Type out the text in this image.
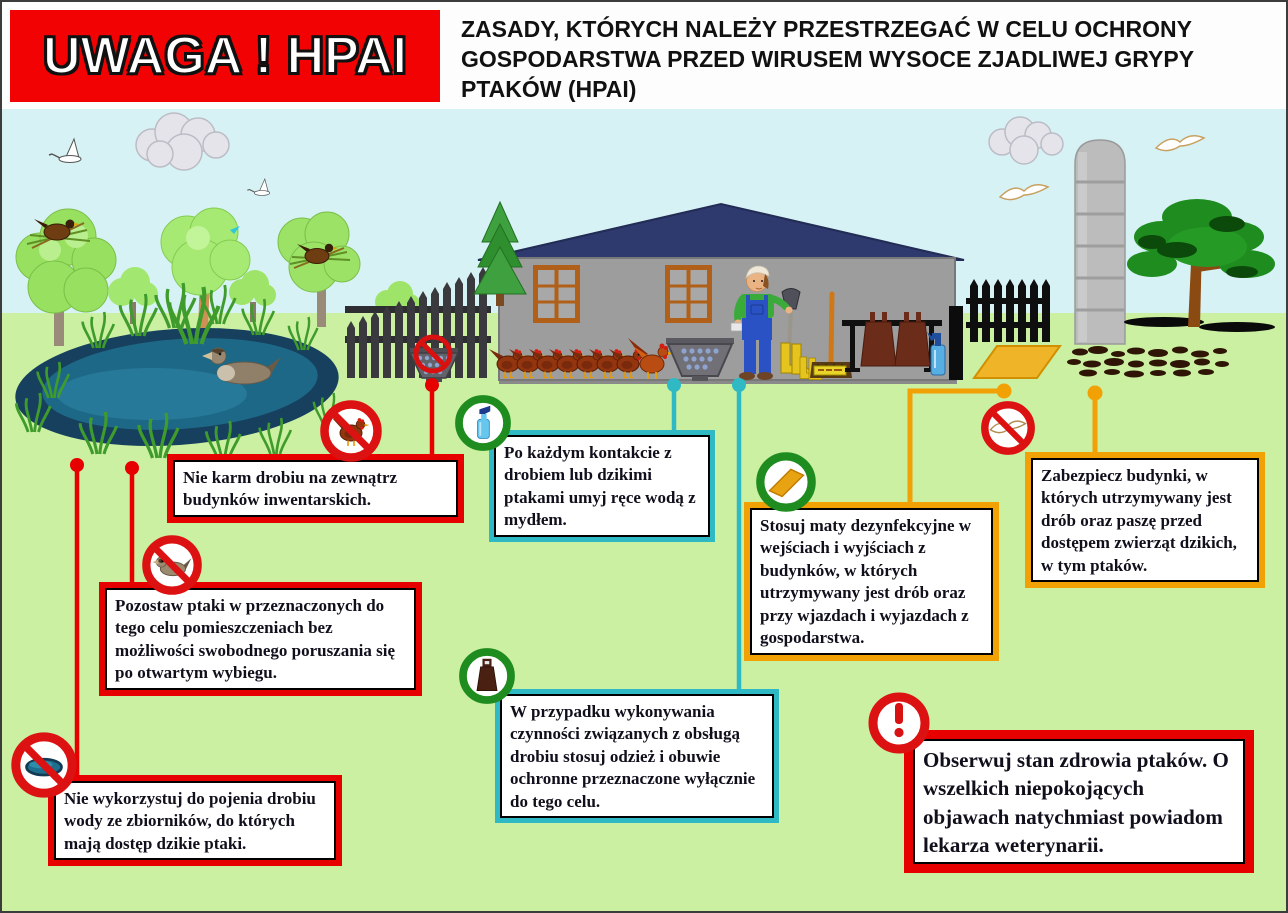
UWAGA ! HPAI ZASADY, KTÓRYCH NALEŻY PRZESTRZEGAĆ W CELU OCHRONY GOSPODARSTWA PRZED WIRUSEM WYSOCE ZJADLIWEJ GRYPY PTAKÓW (HPAI)

Nie karm drobiu na zewnątrz budynków inwentarskich.

Pozostaw ptaki w przeznaczonych do tego celu pomieszczeniach bez możliwości swobodnego poruszania się po otwartym wybiegu.

Nie wykorzystuj do pojenia drobiu wody ze zbiorników, do których mają dostęp dzikie ptaki.

Po każdym kontakcie z drobiem lub dzikimi ptakami umyj ręce wodą z mydłem.	Stosuj maty dezynfekcyjne w wejściach i wyjściach z budynków, w których utrzymywany jest drób oraz przy wjazdach i wyjazdach z gospodarstwa.

Zabezpiecz budynki, w których utrzymywany jest drób oraz paszę przed dostępem zwierząt dzikich, w tym ptaków.

W przypadku wykonywania czynności związanych z obsługą drobiu stosuj odzież i obuwie ochronne przeznaczone wyłącznie do tego celu.

Obserwuj stan zdrowia ptaków. O wszelkich niepokojących objawach natychmiast powiadom lekarza weterynarii.
